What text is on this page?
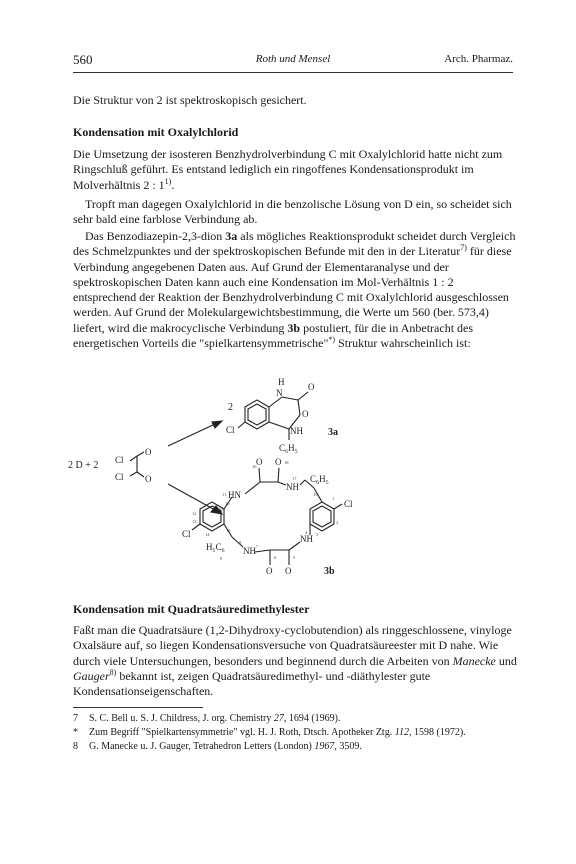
560	Roth und Mensel	Arch. Pharmaz.

Die Struktur von 2 ist spektroskopisch gesichert.

Kondensation mit Oxalylchlorid

Die Umsetzung der isosteren Benzhydrolverbindung C mit Oxalylchlorid hatte nicht zum Ringschluß geführt. Es entstand lediglich ein ringoffenes Kondensationsprodukt im Molverhältnis 2 : 1$^{1)}$.

Tropft man dagegen Oxalylchlorid in die benzolische Lösung von D ein, so scheidet sich sehr bald eine farblose Verbindung ab.

Das Benzodiazepin-2,3-dion 3a als mögliches Reaktionsprodukt scheidet durch Vergleich des Schmelzpunktes und der spektroskopischen Befunde mit den in der Literatur$^{7)}$ für diese Verbindung angegebenen Daten aus. Auf Grund der Elementaranalyse und der spektroskopischen Daten kann auch eine Kondensation im Mol-Verhältnis 1 : 2 entsprechend der Reaktion der Benzhydrolverbindung C mit Oxalylchlorid ausgeschlossen werden. Auf Grund der Molekulargewichtsbestimmung, die Werte um 560 (ber. 573,4) liefert, wird die makrocyclische Verbindung 3b postuliert, für die in Anbetracht des energetischen Vorteils die "spielkartensymmetrische"*) Struktur wahrscheinlich ist:

2 D + 2 Cl
Cl
O
O
2
H
N
O
O
NH
Cl
C₆H₅
3a
O O
HN
NH
C₆H₅
Cl
Cl	NH
H₅C₆ NH
O O	3b
11
12
13
10
14
15
16
17
18
1
2
3
4
5
6
7
8
9
19
20

Kondensation mit Quadratsäuredimethylester

Faßt man die Quadratsäure (1,2-Dihydroxy-cyclobutendion) als ringgeschlossene, vinyloge Oxalsäure auf, so liegen Kondensationsversuche von Quadratsäureester mit D nahe. Wie durch viele Untersuchungen, besonders und beginnend durch die Arbeiten von Manecke und Gauger$^{8)}$ bekannt ist, zeigen Quadratsäuredimethyl- und -diäthylester gute Kondensationseigenschaften.

7 S. C. Bell u. S. J. Childress, J. org. Chemistry 27, 1694 (1969).

* Zum Begriff "Spielkartensymmetrie" vgl. H. J. Roth, Dtsch. Apotheker Ztg. 112, 1598 (1972).

8 G. Manecke u. J. Gauger, Tetrahedron Letters (London) 1967, 3509.
